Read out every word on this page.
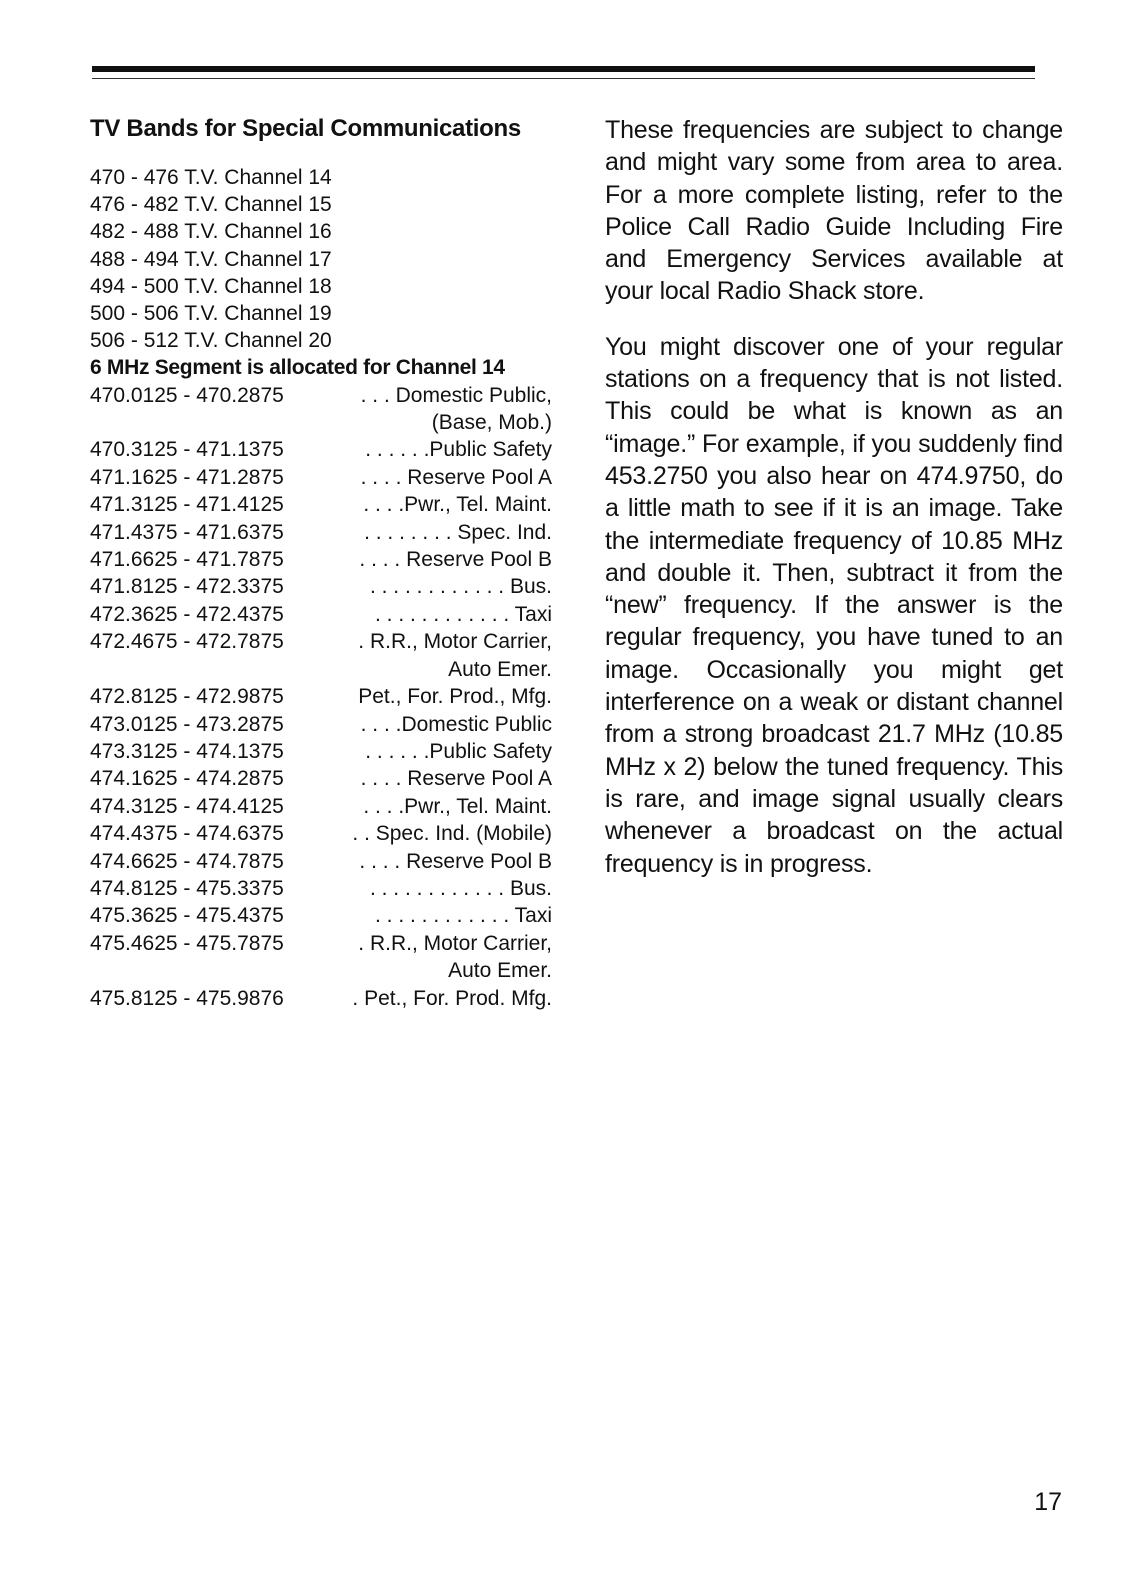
TV Bands for Special Communications
470 - 476 T.V. Channel 14
476 - 482 T.V. Channel 15
482 - 488 T.V. Channel 16
488 - 494 T.V. Channel 17
494 - 500 T.V. Channel 18
500 - 506 T.V. Channel 19
506 - 512 T.V. Channel 20
6 MHz Segment is allocated for Channel 14
470.0125 - 470.2875	. . . Domestic Public,
(Base, Mob.)
470.3125 - 471.1375	. . . . . .Public Safety
471.1625 - 471.2875	. . . . Reserve Pool A
471.3125 - 471.4125	. . . .Pwr., Tel. Maint.
471.4375 - 471.6375	. . . . . . . . Spec. Ind.
471.6625 - 471.7875	. . . . Reserve Pool B
471.8125 - 472.3375	. . . . . . . . . . . . Bus.
472.3625 - 472.4375	. . . . . . . . . . . . Taxi
472.4675 - 472.7875	. R.R., Motor Carrier,
Auto Emer.
472.8125 - 472.9875	Pet., For. Prod., Mfg.
473.0125 - 473.2875	. . . .Domestic Public
473.3125 - 474.1375	. . . . . .Public Safety
474.1625 - 474.2875	. . . . Reserve Pool A
474.3125 - 474.4125	. . . .Pwr., Tel. Maint.
474.4375 - 474.6375	. . Spec. Ind. (Mobile)
474.6625 - 474.7875	. . . . Reserve Pool B
474.8125 - 475.3375	. . . . . . . . . . . . Bus.
475.3625 - 475.4375	. . . . . . . . . . . . Taxi
475.4625 - 475.7875	. R.R., Motor Carrier,
Auto Emer.
475.8125 - 475.9876	. Pet., For. Prod. Mfg.

These frequencies are subject to change and might vary some from area to area. For a more complete listing, refer to the Police Call Radio Guide Including Fire and Emergency Services available at your local Radio Shack store.

You might discover one of your regular stations on a frequency that is not listed. This could be what is known as an “image.” For example, if you suddenly find 453.2750 you also hear on 474.9750, do a little math to see if it is an image. Take the intermediate frequency of 10.85 MHz and double it. Then, subtract it from the “new” frequency. If the answer is the regular frequency, you have tuned to an image. Occasionally you might get interference on a weak or distant channel from a strong broadcast 21.7 MHz (10.85 MHz x 2) below the tuned frequency. This is rare, and image signal usually clears whenever a broadcast on the actual frequency is in progress.

17
